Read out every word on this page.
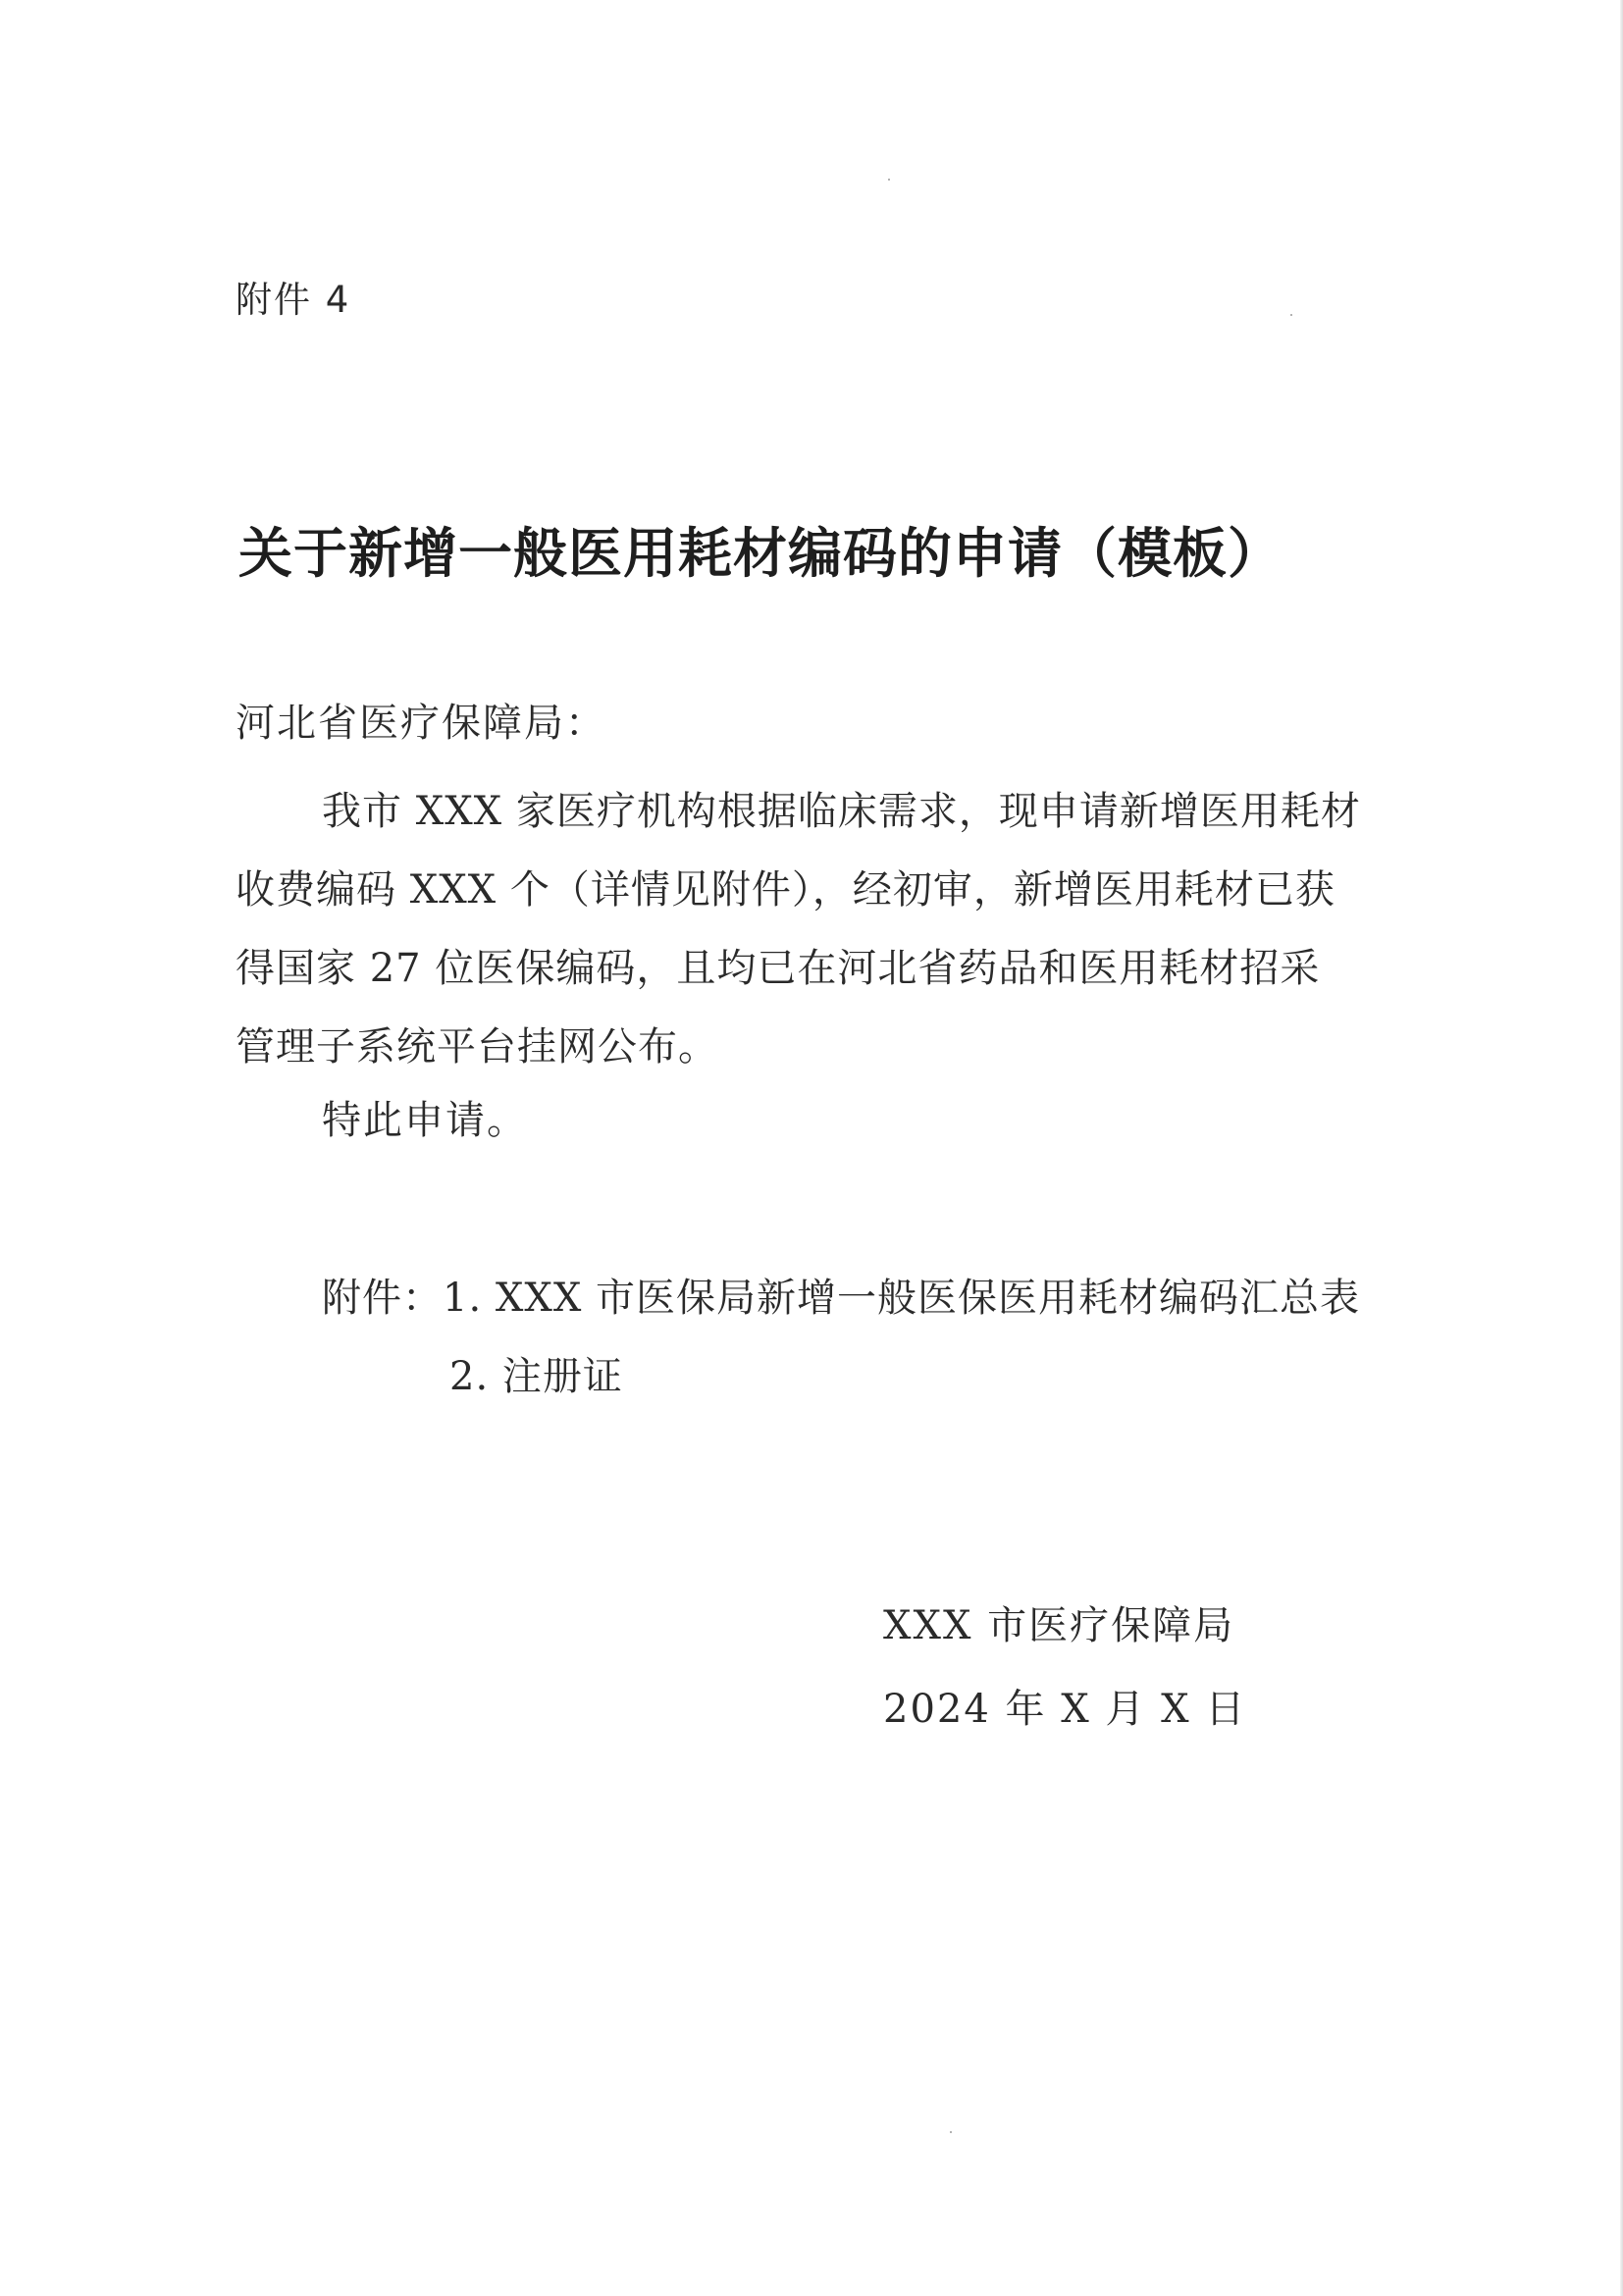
附件 4
关于新增一般医用耗材编码的申请（模板）
河北省医疗保障局：
我市 XXX 家医疗机构根据临床需求，现申请新增医用耗材
收费编码 XXX 个（详情见附件），经初审，新增医用耗材已获
得国家 27 位医保编码，且均已在河北省药品和医用耗材招采
管理子系统平台挂网公布。
特此申请。
附件：1. XXX 市医保局新增一般医保医用耗材编码汇总表
2. 注册证
XXX 市医疗保障局
2024 年 X 月 X 日
